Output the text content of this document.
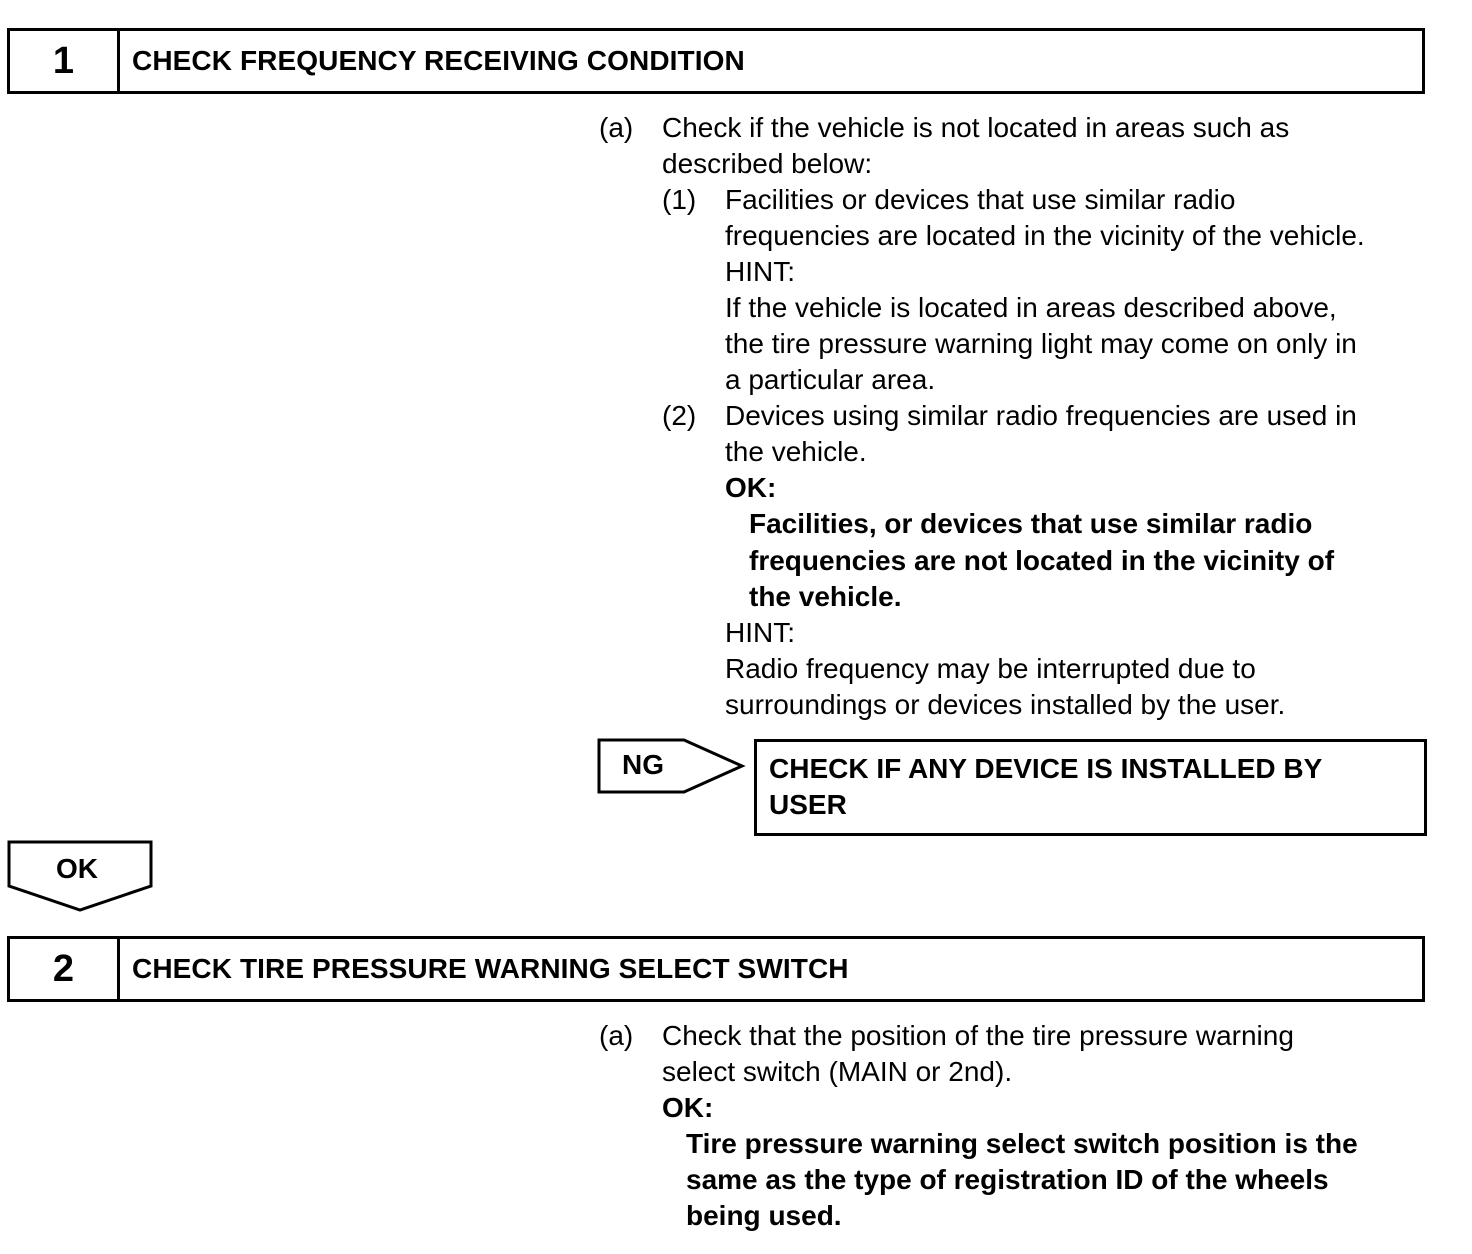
1	CHECK FREQUENCY RECEIVING CONDITION
(a) Check if the vehicle is not located in areas such as
described below:
(1) Facilities or devices that use similar radio
frequencies are located in the vicinity of the vehicle.
HINT:
If the vehicle is located in areas described above,
the tire pressure warning light may come on only in
a particular area.
(2) Devices using similar radio frequencies are used in
the vehicle.
OK:
Facilities, or devices that use similar radio
frequencies are not located in the vicinity of
the vehicle.
HINT:
Radio frequency may be interrupted due to
surroundings or devices installed by the user.
NG	CHECK IF ANY DEVICE IS INSTALLED BY
USER
OK
2	CHECK TIRE PRESSURE WARNING SELECT SWITCH
(a) Check that the position of the tire pressure warning
select switch (MAIN or 2nd).
OK:
Tire pressure warning select switch position is the
same as the type of registration ID of the wheels
being used.
